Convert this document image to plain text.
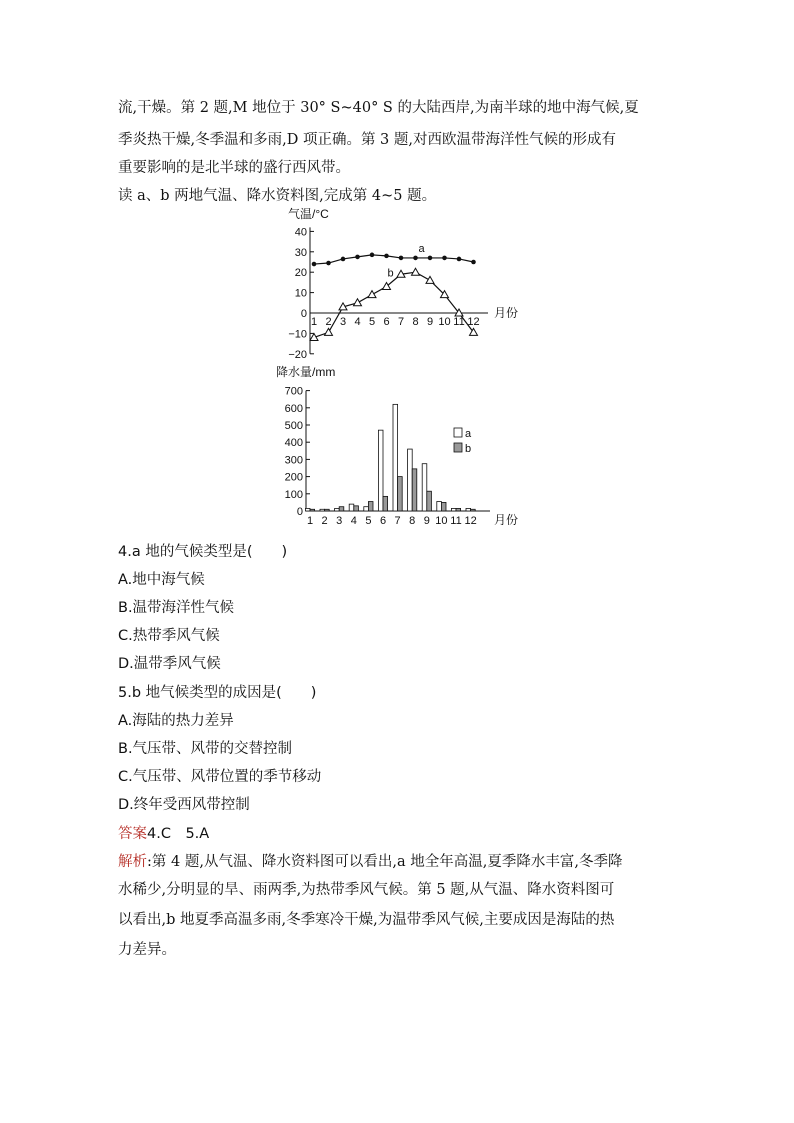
流,干燥。第 2 题,M 地位于 30° S~40° S 的大陆西岸,为南半球的地中海气候,夏
季炎热干燥,冬季温和多雨,D 项正确。第 3 题,对西欧温带海洋性气候的形成有
重要影响的是北半球的盛行西风带。
读 a、b 两地气温、降水资料图,完成第 4~5 题。
气温/°C
40
30
20
10
0
−10
−20
1 2 3 4 5 6 7 8 9 10 11 12
月份
a
b
降水量/mm
700
600
500
400
300
200
100
0
1 2 3 4 5 6 7 8 9 10 11 12 月份
a
b
4.a 地的气候类型是(　　)
A.地中海气候
B.温带海洋性气候
C.热带季风气候
D.温带季风气候
5.b 地气候类型的成因是(　　)
A.海陆的热力差异
B.气压带、风带的交替控制
C.气压带、风带位置的季节移动
D.终年受西风带控制
答案4.C　5.A
解析:第 4 题,从气温、降水资料图可以看出,a 地全年高温,夏季降水丰富,冬季降
水稀少,分明显的旱、雨两季,为热带季风气候。第 5 题,从气温、降水资料图可
以看出,b 地夏季高温多雨,冬季寒冷干燥,为温带季风气候,主要成因是海陆的热
力差异。
